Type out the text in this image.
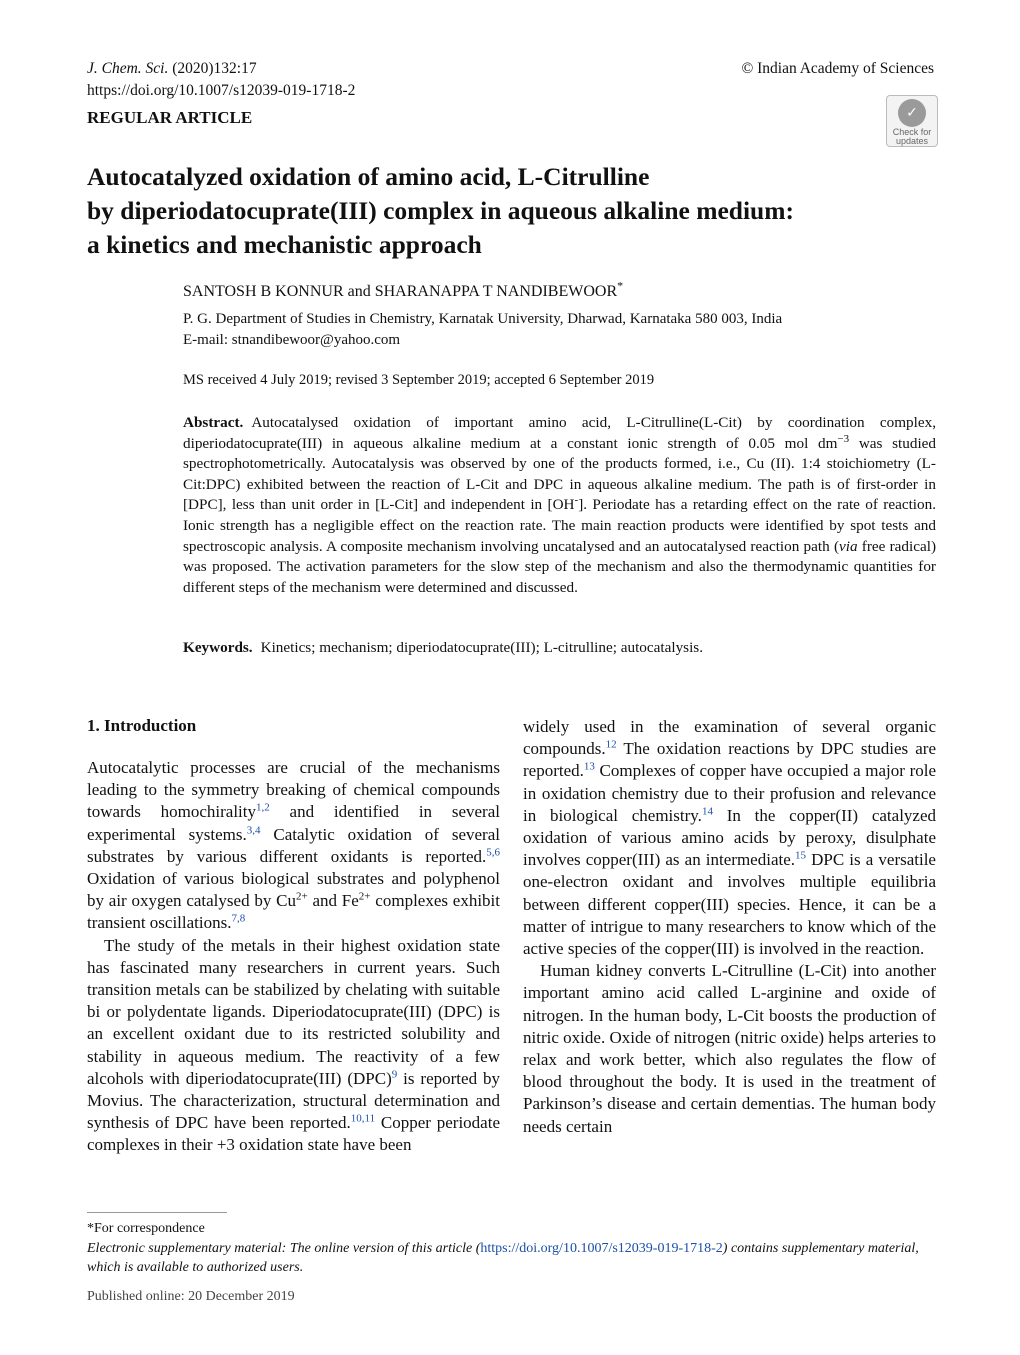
J. Chem. Sci. (2020)132:17
https://doi.org/10.1007/s12039-019-1718-2
© Indian Academy of Sciences
REGULAR ARTICLE	✓
Check for
updates
Autocatalyzed oxidation of amino acid, L-Citrulline
by diperiodatocuprate(III) complex in aqueous alkaline medium:
a kinetics and mechanistic approach
SANTOSH B KONNUR and SHARANAPPA T NANDIBEWOOR*
P. G. Department of Studies in Chemistry, Karnatak University, Dharwad, Karnataka 580 003, India
E-mail: stnandibewoor@yahoo.com
MS received 4 July 2019; revised 3 September 2019; accepted 6 September 2019
Abstract. Autocatalysed oxidation of important amino acid, L-Citrulline(L-Cit) by coordination complex, diperiodatocuprate(III) in aqueous alkaline medium at a constant ionic strength of 0.05 mol $dm^{-3}$ was studied spectrophotometrically. Autocatalysis was observed by one of the products formed, i.e., Cu (II). 1:4 stoichiometry (L-Cit:DPC) exhibited between the reaction of L-Cit and DPC in aqueous alkaline medium. The path is of first-order in [DPC], less than unit order in [L-Cit] and independent in [OH-]. Periodate has a retarding effect on the rate of reaction. Ionic strength has a negligible effect on the reaction rate. The main reaction products were identified by spot tests and spectroscopic analysis. A composite mechanism involving uncatalysed and an autocatalysed reaction path (via free radical) was proposed. The activation parameters for the slow step of the mechanism and also the thermodynamic quantities for different steps of the mechanism were determined and discussed.
Keywords. Kinetics; mechanism; diperiodatocuprate(III); L-citrulline; autocatalysis.
1. Introduction

Autocatalytic processes are crucial of the mechanisms leading to the symmetry breaking of chemical compounds towards homochirality$^{1,2}$ and identified in several experimental systems.$^{3,4}$ Catalytic oxidation of several substrates by various different oxidants is reported.$^{5,6}$ Oxidation of various biological substrates and polyphenol by air oxygen catalysed by $Cu^{2+}$ and $Fe^{2+}$ complexes exhibit transient oscillations.$^{7,8}$

The study of the metals in their highest oxidation state has fascinated many researchers in current years. Such transition metals can be stabilized by chelating with suitable bi or polydentate ligands. Diperiodatocuprate(III) (DPC) is an excellent oxidant due to its restricted solubility and stability in aqueous medium. The reactivity of a few alcohols with diperiodatocuprate(III) (DPC)$^9$ is reported by Movius. The characterization, structural determination and synthesis of DPC have been reported.$^{10,11}$ Copper periodate complexes in their +3 oxidation state have been

widely used in the examination of several organic compounds.$^{12}$ The oxidation reactions by DPC studies are reported.$^{13}$ Complexes of copper have occupied a major role in oxidation chemistry due to their profusion and relevance in biological chemistry.$^{14}$ In the copper(II) catalyzed oxidation of various amino acids by peroxy, disulphate involves copper(III) as an intermediate.$^{15}$ DPC is a versatile one-electron oxidant and involves multiple equilibria between different copper(III) species. Hence, it can be a matter of intrigue to many researchers to know which of the active species of the copper(III) is involved in the reaction.

Human kidney converts L-Citrulline (L-Cit) into another important amino acid called L-arginine and oxide of nitrogen. In the human body, L-Cit boosts the production of nitric oxide. Oxide of nitrogen (nitric oxide) helps arteries to relax and work better, which also regulates the flow of blood throughout the body. It is used in the treatment of Parkinson’s disease and certain dementias. The human body needs certain

*For correspondence
Electronic supplementary material: The online version of this article (https://doi.org/10.1007/s12039-019-1718-2) contains supplementary material, which is available to authorized users.
Published online: 20 December 2019
